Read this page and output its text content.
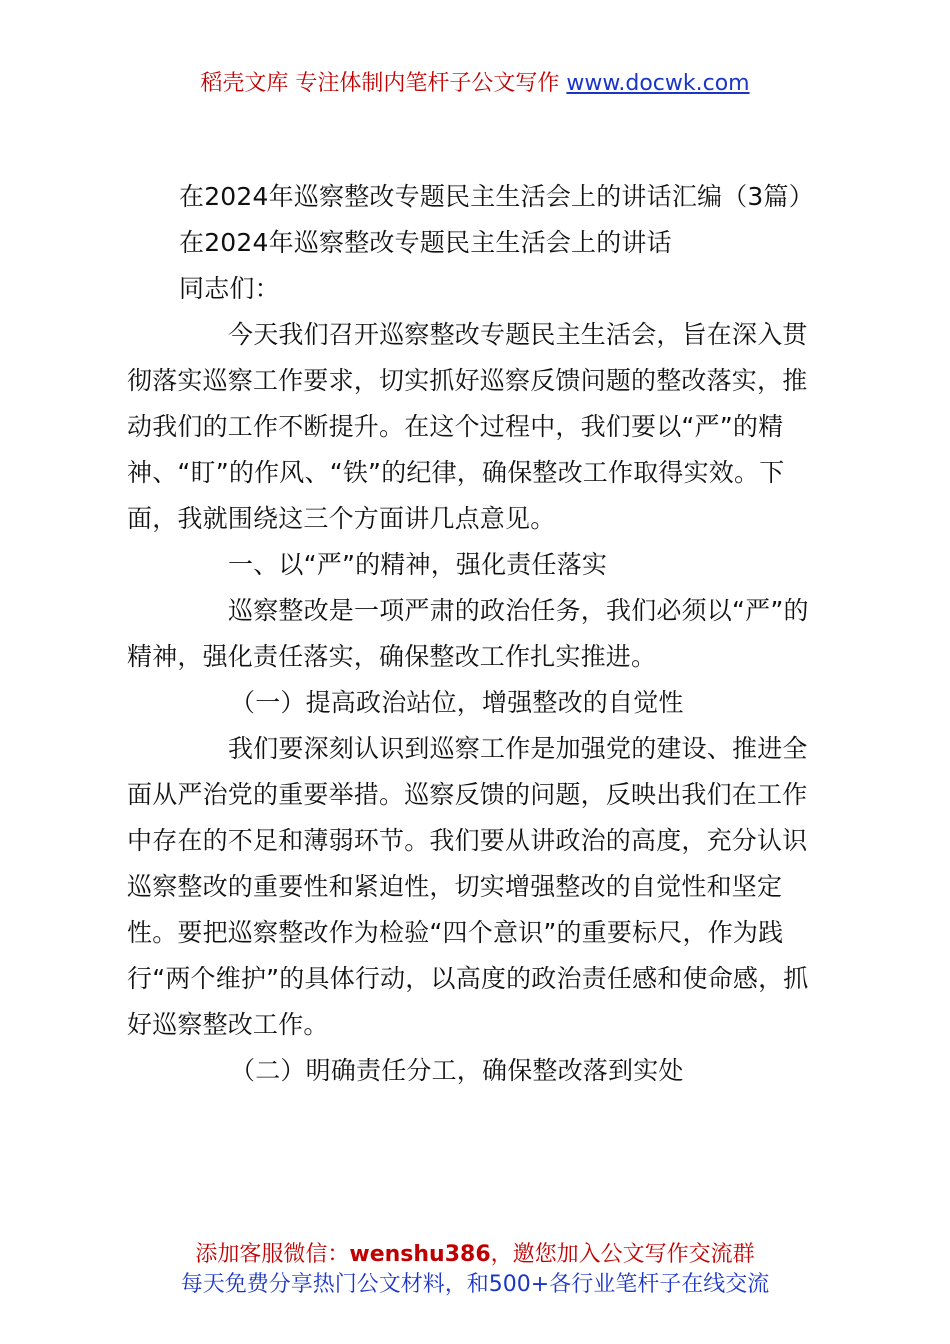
稻壳文库 专注体制内笔杆子公文写作 www.docwk.com

在2024年巡察整改专题民主生活会上的讲话汇编（3篇）

在2024年巡察整改专题民主生活会上的讲话

同志们：

今天我们召开巡察整改专题民主生活会，旨在深入贯彻落实巡察工作要求，切实抓好巡察反馈问题的整改落实，推动我们的工作不断提升。在这个过程中，我们要以“严”的精神、“盯”的作风、“铁”的纪律，确保整改工作取得实效。下面，我就围绕这三个方面讲几点意见。

一、以“严”的精神，强化责任落实

巡察整改是一项严肃的政治任务，我们必须以“严”的精神，强化责任落实，确保整改工作扎实推进。

（一）提高政治站位，增强整改的自觉性

我们要深刻认识到巡察工作是加强党的建设、推进全面从严治党的重要举措。巡察反馈的问题，反映出我们在工作中存在的不足和薄弱环节。我们要从讲政治的高度，充分认识巡察整改的重要性和紧迫性，切实增强整改的自觉性和坚定性。要把巡察整改作为检验“四个意识”的重要标尺，作为践行“两个维护”的具体行动，以高度的政治责任感和使命感，抓好巡察整改工作。

（二）明确责任分工，确保整改落到实处

添加客服微信：wenshu386，邀您加入公文写作交流群
每天免费分享热门公文材料，和500+各行业笔杆子在线交流
